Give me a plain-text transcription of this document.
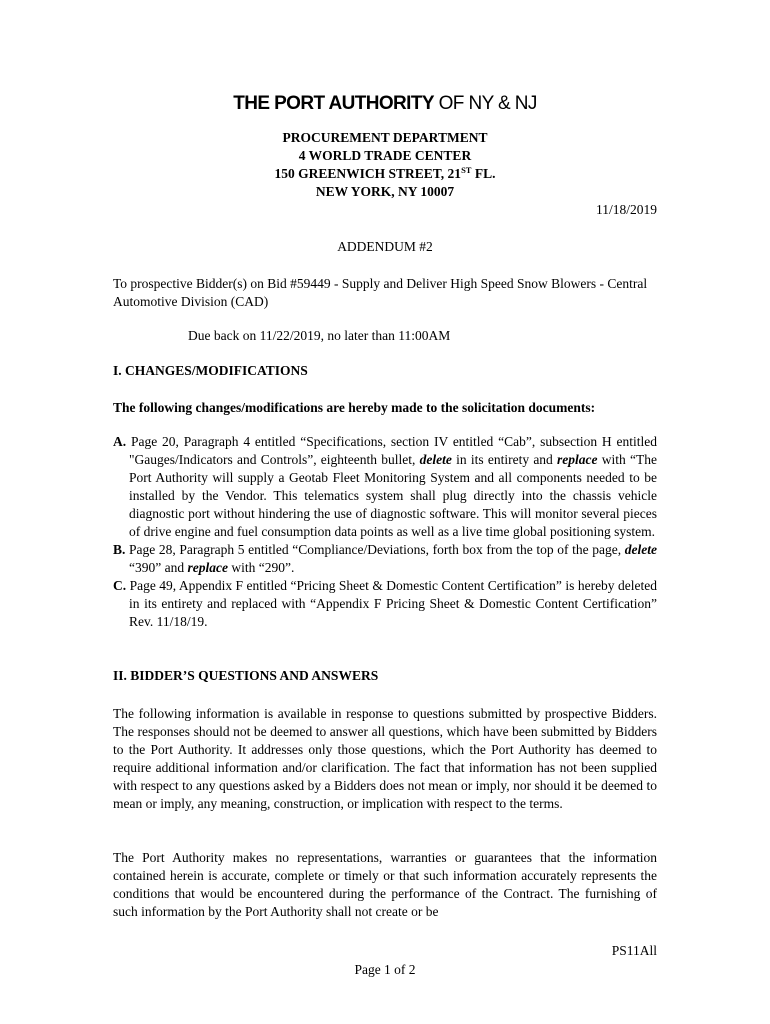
THE PORT AUTHORITY OF NY & NJ
PROCUREMENT DEPARTMENT
4 WORLD TRADE CENTER
150 GREENWICH STREET, 21ST FL.
NEW YORK, NY 10007
11/18/2019
ADDENDUM #2
To prospective Bidder(s) on Bid #59449 - Supply and Deliver High Speed Snow Blowers - Central Automotive Division (CAD)
Due back on 11/22/2019, no later than 11:00AM
I. CHANGES/MODIFICATIONS
The following changes/modifications are hereby made to the solicitation documents:
A. Page 20, Paragraph 4 entitled “Specifications, section IV entitled “Cab”, subsection H entitled "Gauges/Indicators and Controls”, eighteenth bullet, delete in its entirety and replace with “The Port Authority will supply a Geotab Fleet Monitoring System and all components needed to be installed by the Vendor. This telematics system shall plug directly into the chassis vehicle diagnostic port without hindering the use of diagnostic software. This will monitor several pieces of drive engine and fuel consumption data points as well as a live time global positioning system.
B. Page 28, Paragraph 5 entitled “Compliance/Deviations, forth box from the top of the page, delete “390” and replace with “290”.
C. Page 49, Appendix F entitled “Pricing Sheet & Domestic Content Certification” is hereby deleted in its entirety and replaced with “Appendix F Pricing Sheet & Domestic Content Certification” Rev. 11/18/19.
II. BIDDER’S QUESTIONS AND ANSWERS
The following information is available in response to questions submitted by prospective Bidders. The responses should not be deemed to answer all questions, which have been submitted by Bidders to the Port Authority. It addresses only those questions, which the Port Authority has deemed to require additional information and/or clarification. The fact that information has not been supplied with respect to any questions asked by a Bidders does not mean or imply, nor should it be deemed to mean or imply, any meaning, construction, or implication with respect to the terms.
The Port Authority makes no representations, warranties or guarantees that the information contained herein is accurate, complete or timely or that such information accurately represents the conditions that would be encountered during the performance of the Contract. The furnishing of such information by the Port Authority shall not create or be
PS11All
Page 1 of 2
